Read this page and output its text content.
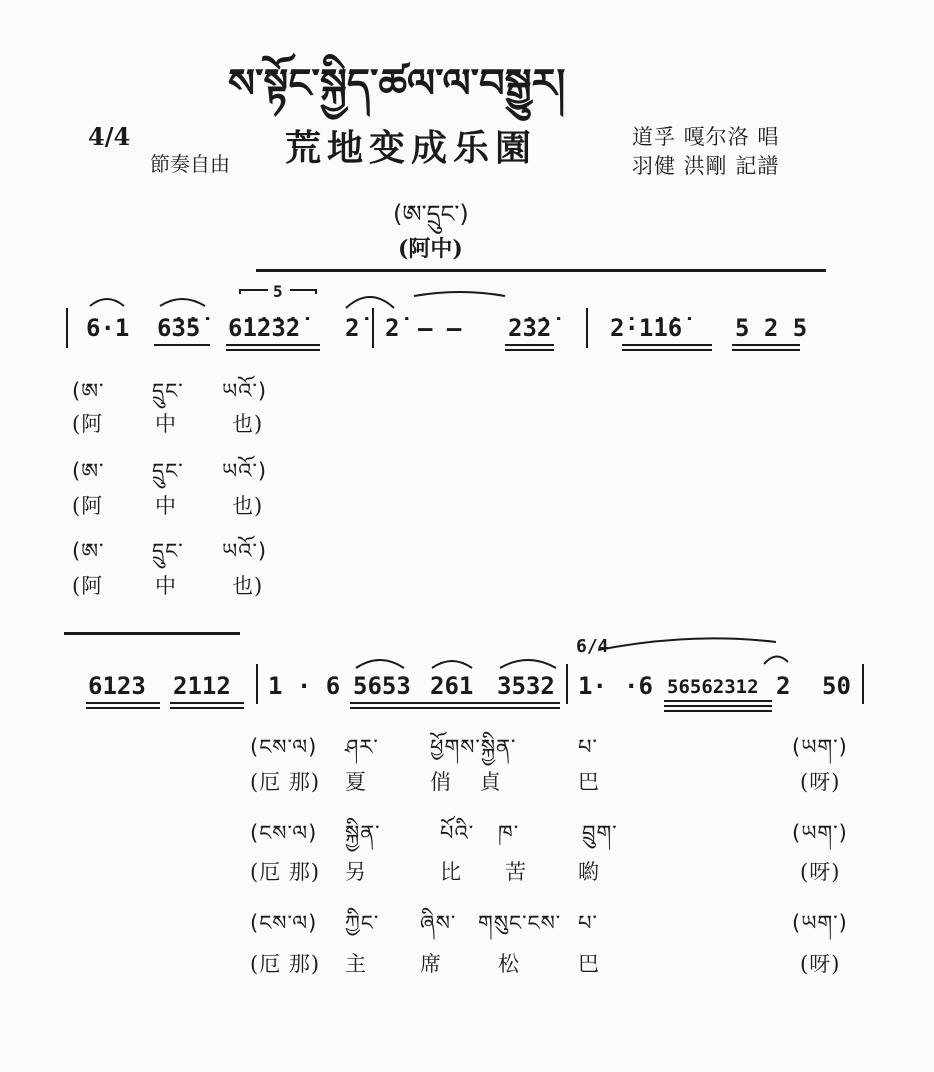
ས་སྟོང་སྐྱིད་ཚལ་ལ་བསྒྱུར།
4/4
節奏自由 荒地变成乐園	道孚 嘎尔洛 唱
羽健 洪剛 記譜
(ཨ་དྲུང་)
(阿中)
6·1 6̇3̇5̇ 6̇1̇2̇3̇2̇
5
2̇ 2̇ — — 2̇3̇2̇ 2̇·1̇1̇6̇ 5 2 5
(ཨ་ དྲུང་ ཡའོ་)
(阿 中	也)
(ཨ་ དྲུང་ ཡའོ་)
(阿 中	也)
(ཨ་ དྲུང་ ཡའོ་)
(阿 中	也)
6/4
6123 2112 1 · 6 5653 261 3532 1· ·6 56562312 2 50
(ངས་ལ) ཤར་ ཕྱོགས་སྐྱིན་	པ་	(ཡག་)
(厄 那) 夏	俏 貞	巴	(呀)
(ངས་ལ) སྐྱིན་	པོའི་ ཁ་	བྲུག་	(ཡག་)
(厄 那) 另	比 苦 喲	(呀)
(ངས་ལ) ཀྱིང་ ཞིས་ གསུང་ངས་ པ་	(ཡག་)
(厄 那) 主	席	松	巴	(呀)
